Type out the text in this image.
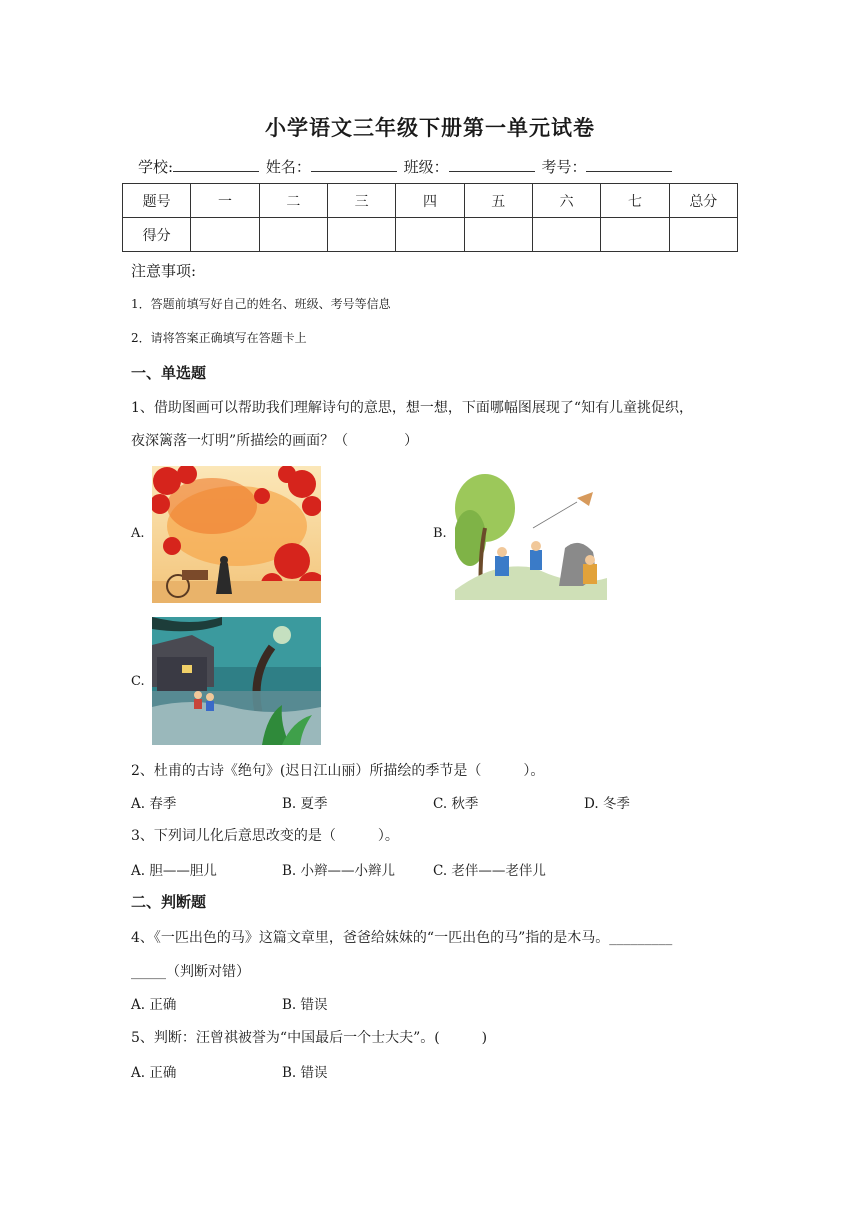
小学语文三年级下册第一单元试卷
学校:	姓名：	班级：	考号：
题号	一	二	三	四	五	六	七	总分
得分								
注意事项:
1．答题前填写好自己的姓名、班级、考号等信息
2．请将答案正确填写在答题卡上
一、单选题
1、借助图画可以帮助我们理解诗句的意思，想一想，下面哪幅图展现了“知有儿童挑促织，
夜深篱落一灯明”所描绘的画面？（　　　　）
A.	B.
C.
2、杜甫的古诗《绝句》(迟日江山丽）所描绘的季节是（　　　）。
A. 春季	B. 夏季	C. 秋季	D. 冬季
3、下列词儿化后意思改变的是（　　　）。
A. 胆——胆儿	B. 小辫——小辫儿	C. 老伴——老伴儿
二、判断题
4、《一匹出色的马》这篇文章里，爸爸给妹妹的“一匹出色的马”指的是木马。_________
_____（判断对错）
A. 正确	B. 错误
5、判断：汪曾祺被誉为“中国最后一个士大夫”。(　　　)
A. 正确	B. 错误
